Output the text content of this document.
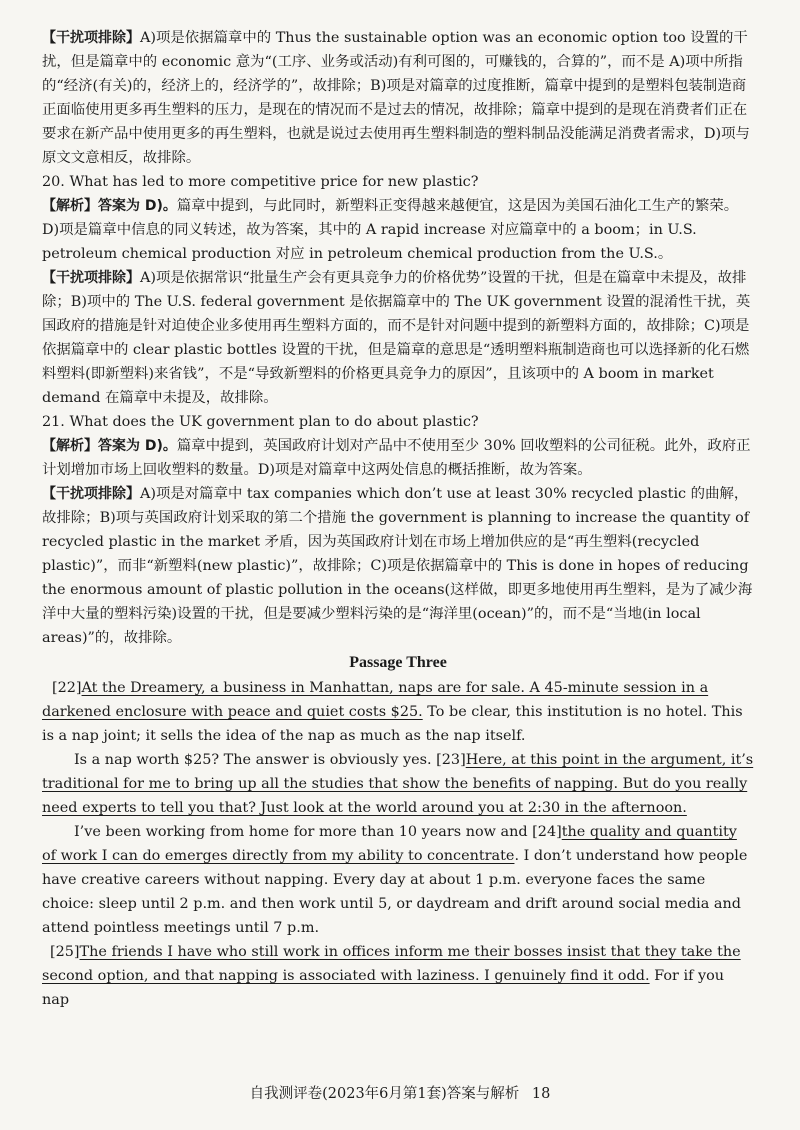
【干扰项排除】A)项是依据篇章中的 Thus the sustainable option was an economic option too 设置的干扰，但是篇章中的 economic 意为“(工序、业务或活动)有利可图的，可赚钱的，合算的”，而不是 A)项中所指的“经济(有关)的，经济上的，经济学的”，故排除；B)项是对篇章的过度推断，篇章中提到的是塑料包装制造商正面临使用更多再生塑料的压力，是现在的情况而不是过去的情况，故排除；篇章中提到的是现在消费者们正在要求在新产品中使用更多的再生塑料，也就是说过去使用再生塑料制造的塑料制品没能满足消费者需求，D)项与原文文意相反，故排除。

20. What has led to more competitive price for new plastic?

【解析】答案为 D)。篇章中提到，与此同时，新塑料正变得越来越便宜，这是因为美国石油化工生产的繁荣。D)项是篇章中信息的同义转述，故为答案，其中的 A rapid increase 对应篇章中的 a boom；in U.S. petroleum chemical production 对应 in petroleum chemical production from the U.S.。

【干扰项排除】A)项是依据常识“批量生产会有更具竞争力的价格优势”设置的干扰，但是在篇章中未提及，故排除；B)项中的 The U.S. federal government 是依据篇章中的 The UK government 设置的混淆性干扰，英国政府的措施是针对迫使企业多使用再生塑料方面的，而不是针对问题中提到的新塑料方面的，故排除；C)项是依据篇章中的 clear plastic bottles 设置的干扰，但是篇章的意思是“透明塑料瓶制造商也可以选择新的化石燃料塑料(即新塑料)来省钱”，不是“导致新塑料的价格更具竞争力的原因”，且该项中的 A boom in market demand 在篇章中未提及，故排除。

21. What does the UK government plan to do about plastic?

【解析】答案为 D)。篇章中提到，英国政府计划对产品中不使用至少 30% 回收塑料的公司征税。此外，政府正计划增加市场上回收塑料的数量。D)项是对篇章中这两处信息的概括推断，故为答案。

【干扰项排除】A)项是对篇章中 tax companies which don’t use at least 30% recycled plastic 的曲解，故排除；B)项与英国政府计划采取的第二个措施 the government is planning to increase the quantity of recycled plastic in the market 矛盾，因为英国政府计划在市场上增加供应的是“再生塑料(recycled plastic)”，而非“新塑料(new plastic)”，故排除；C)项是依据篇章中的 This is done in hopes of reducing the enormous amount of plastic pollution in the oceans(这样做，即更多地使用再生塑料，是为了减少海洋中大量的塑料污染)设置的干扰，但是要减少塑料污染的是“海洋里(ocean)”的，而不是“当地(in local areas)”的，故排除。

Passage Three

[22]At the Dreamery, a business in Manhattan, naps are for sale. A 45-minute session in a darkened enclosure with peace and quiet costs $25. To be clear, this institution is no hotel. This is a nap joint; it sells the idea of the nap as much as the nap itself.

Is a nap worth $25? The answer is obviously yes. [23]Here, at this point in the argument, it’s traditional for me to bring up all the studies that show the benefits of napping. But do you really need experts to tell you that? Just look at the world around you at 2:30 in the afternoon.

I’ve been working from home for more than 10 years now and [24]the quality and quantity of work I can do emerges directly from my ability to concentrate. I don’t understand how people have creative careers without napping. Every day at about 1 p.m. everyone faces the same choice: sleep until 2 p.m. and then work until 5, or daydream and drift around social media and attend pointless meetings until 7 p.m.

[25]The friends I have who still work in offices inform me their bosses insist that they take the second option, and that napping is associated with laziness. I genuinely find it odd. For if you nap

自我测评卷(2023年6月第1套)答案与解析 18
